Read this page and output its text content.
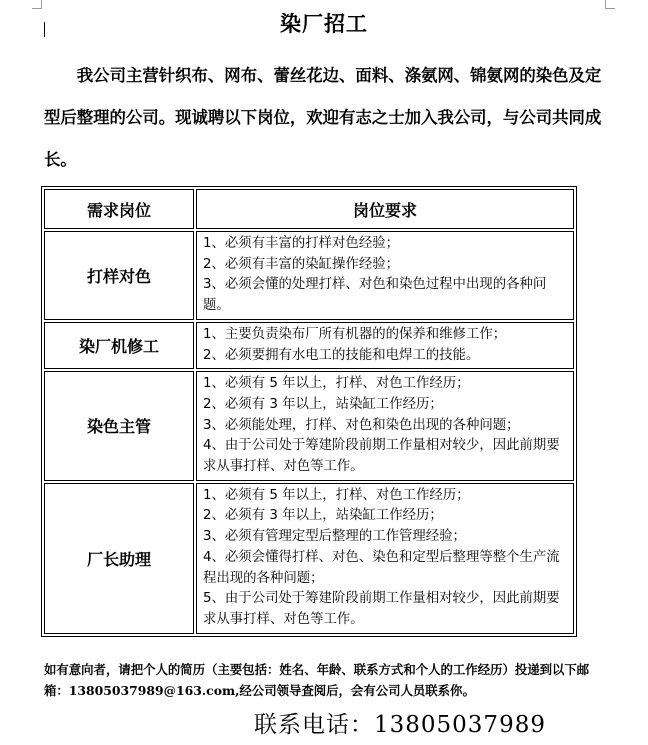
染厂招工

我公司主营针织布、网布、蕾丝花边、面料、涤氨网、锦氨网的染色及定型后整理的公司。现诚聘以下岗位，欢迎有志之士加入我公司，与公司共同成长。

需求岗位	岗位要求
打样对色	1、必须有丰富的打样对色经验；
2、必须有丰富的染缸操作经验；
3、必须会懂的处理打样、对色和染色过程中出现的各种问题。

染厂机修工	1、主要负责染布厂所有机器的的保养和维修工作；
2、必须要拥有水电工的技能和电焊工的技能。

染色主管	1、必须有 5 年以上，打样、对色工作经历；
2、必须有 3 年以上，站染缸工作经历；
3、必须能处理，打样、对色和染色出现的各种问题；
4、由于公司处于筹建阶段前期工作量相对较少，因此前期要求从事打样、对色等工作。

厂长助理	1、必须有 5 年以上，打样、对色工作经历；
2、必须有 3 年以上，站染缸工作经历；
3、必须有管理定型后整理的工作管理经验；
4、必须会懂得打样、对色、染色和定型后整理等整个生产流程出现的各种问题；
5、由于公司处于筹建阶段前期工作量相对较少，因此前期要求从事打样、对色等工作。

如有意向者，请把个人的简历（主要包括：姓名、年龄、联系方式和个人的工作经历）投递到以下邮箱：13805037989@163.com,经公司领导查阅后，会有公司人员联系你。

联系电话：13805037989
